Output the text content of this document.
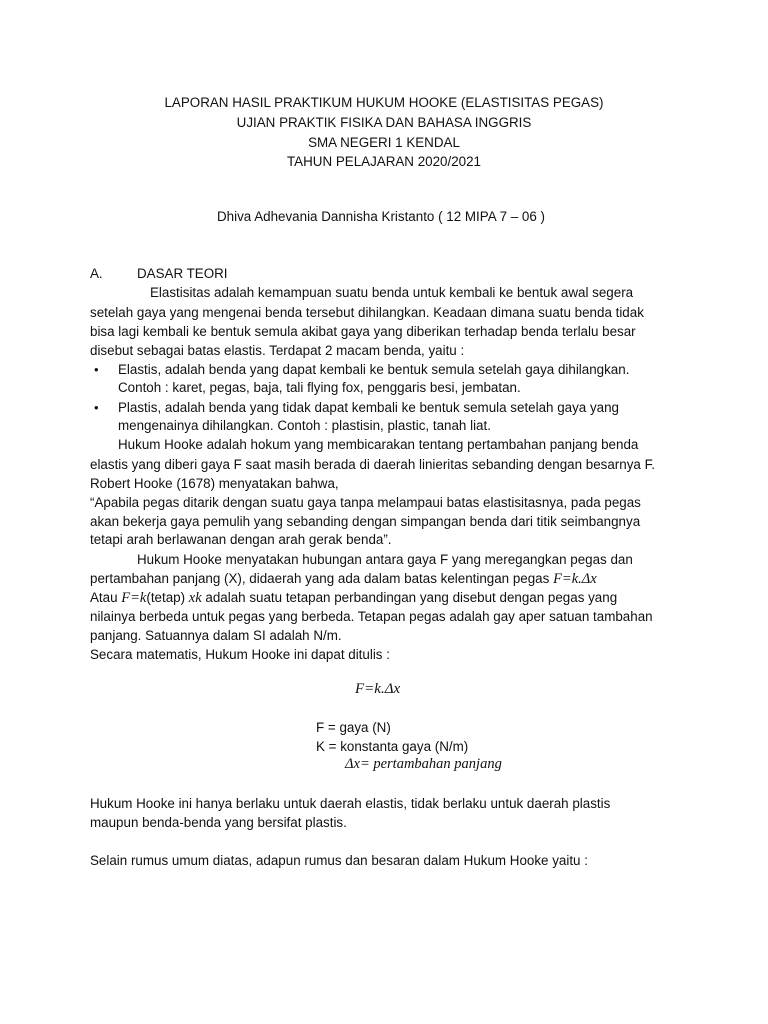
LAPORAN HASIL PRAKTIKUM HUKUM HOOKE (ELASTISITAS PEGAS)
UJIAN PRAKTIK FISIKA DAN BAHASA INGGRIS
SMA NEGERI 1 KENDAL
TAHUN PELAJARAN 2020/2021
Dhiva Adhevania Dannisha Kristanto ( 12 MIPA 7 – 06 )
A.	DASAR TEORI
Elastisitas adalah kemampuan suatu benda untuk kembali ke bentuk awal segera
setelah gaya yang mengenai benda tersebut dihilangkan. Keadaan dimana suatu benda tidak
bisa lagi kembali ke bentuk semula akibat gaya yang diberikan terhadap benda terlalu besar
disebut sebagai batas elastis. Terdapat 2 macam benda, yaitu :
• Elastis, adalah benda yang dapat kembali ke bentuk semula setelah gaya dihilangkan.
Contoh : karet, pegas, baja, tali flying fox, penggaris besi, jembatan.
• Plastis, adalah benda yang tidak dapat kembali ke bentuk semula setelah gaya yang
mengenainya dihilangkan. Contoh : plastisin, plastic, tanah liat.
Hukum Hooke adalah hokum yang membicarakan tentang pertambahan panjang benda
elastis yang diberi gaya F saat masih berada di daerah linieritas sebanding dengan besarnya F.
Robert Hooke (1678) menyatakan bahwa,
“Apabila pegas ditarik dengan suatu gaya tanpa melampaui batas elastisitasnya, pada pegas
akan bekerja gaya pemulih yang sebanding dengan simpangan benda dari titik seimbangnya
tetapi arah berlawanan dengan arah gerak benda”.
Hukum Hooke menyatakan hubungan antara gaya F yang meregangkan pegas dan
pertambahan panjang (X), didaerah yang ada dalam batas kelentingan pegas F=k.Δx
Atau F=k(tetap) xk adalah suatu tetapan perbandingan yang disebut dengan pegas yang
nilainya berbeda untuk pegas yang berbeda. Tetapan pegas adalah gay aper satuan tambahan
panjang. Satuannya dalam SI adalah N/m.
Secara matematis, Hukum Hooke ini dapat ditulis :
F=k.Δx
F = gaya (N)
K = konstanta gaya (N/m)
Δx= pertambahan panjang
Hukum Hooke ini hanya berlaku untuk daerah elastis, tidak berlaku untuk daerah plastis
maupun benda-benda yang bersifat plastis.
Selain rumus umum diatas, adapun rumus dan besaran dalam Hukum Hooke yaitu :
